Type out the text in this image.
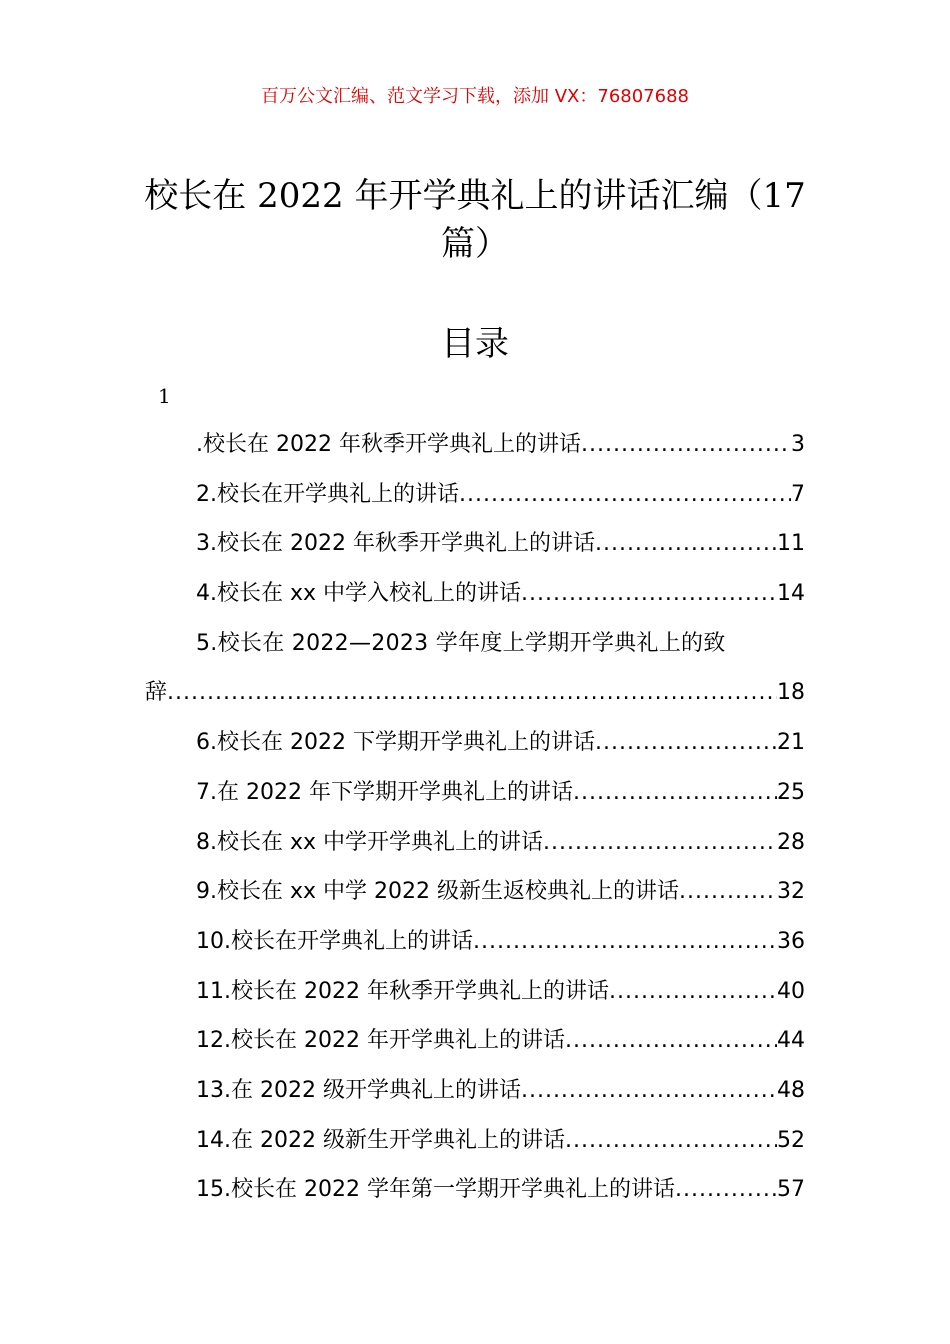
百万公文汇编、范文学习下载，添加 VX：76807688
校长在 2022 年开学典礼上的讲话汇编（17 篇）
目录
1
.校长在 2022 年秋季开学典礼上的讲话 .....	3
2.校长在开学典礼上的讲话 .....	7
3.校长在 2022 年秋季开学典礼上的讲话 .....	11
4.校长在 xx 中学入校礼上的讲话 .....	14
5.校长在 2022—2023 学年度上学期开学典礼上的致
辞 .....	18
6.校长在 2022 下学期开学典礼上的讲话 .....	21
7.在 2022 年下学期开学典礼上的讲话 .....	25
8.校长在 xx 中学开学典礼上的讲话 .....	28
9.校长在 xx 中学 2022 级新生返校典礼上的讲话 .....	32
10.校长在开学典礼上的讲话 .....	36
11.校长在 2022 年秋季开学典礼上的讲话 .....	40
12.校长在 2022 年开学典礼上的讲话 .....	44
13.在 2022 级开学典礼上的讲话 .....	48
14.在 2022 级新生开学典礼上的讲话 .....	52
15.校长在 2022 学年第一学期开学典礼上的讲话 .....	57
